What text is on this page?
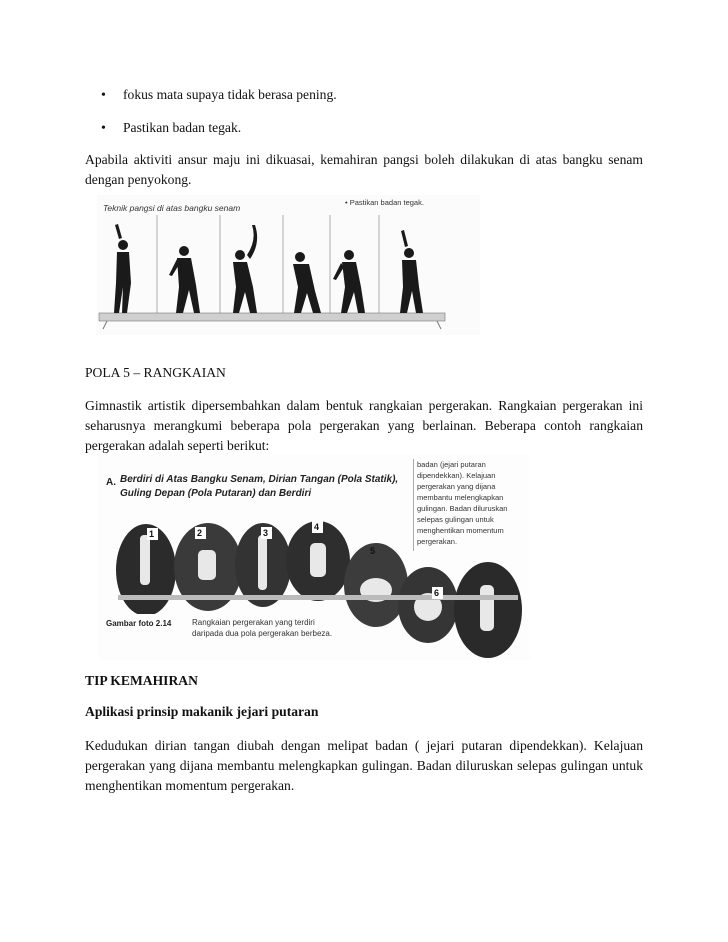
•	fokus mata supaya tidak berasa pening.
•	Pastikan badan tegak.

Apabila aktiviti ansur maju ini dikuasai, kemahiran pangsi boleh dilakukan di atas bangku senam dengan penyokong.

Teknik pangsi di atas bangku senam
• Pastikan badan tegak.
POLA 5 – RANGKAIAN

Gimnastik artistik dipersembahkan dalam bentuk rangkaian pergerakan. Rangkaian pergerakan ini seharusnya merangkumi beberapa pola pergerakan yang berlainan. Beberapa contoh rangkaian pergerakan adalah seperti berikut:

A. Berdiri di Atas Bangku Senam, Dirian Tangan (Pola Statik), Guling Depan (Pola Putaran) dan Berdiri
badan (jejari putaran dipendekkan). Kelajuan pergerakan yang dijana membantu melengkapkan gulingan. Badan diluruskan selepas gulingan untuk menghentikan momentum pergerakan.
1	2	3
4
5
6
Gambar foto 2.14	Rangkaian pergerakan yang terdiri daripada dua pola pergerakan berbeza.
TIP KEMAHIRAN
Aplikasi prinsip makanik jejari putaran

Kedudukan dirian tangan diubah dengan melipat badan ( jejari putaran dipendekkan). Kelajuan pergerakan yang dijana membantu melengkapkan gulingan. Badan diluruskan selepas gulingan untuk menghentikan momentum pergerakan.
